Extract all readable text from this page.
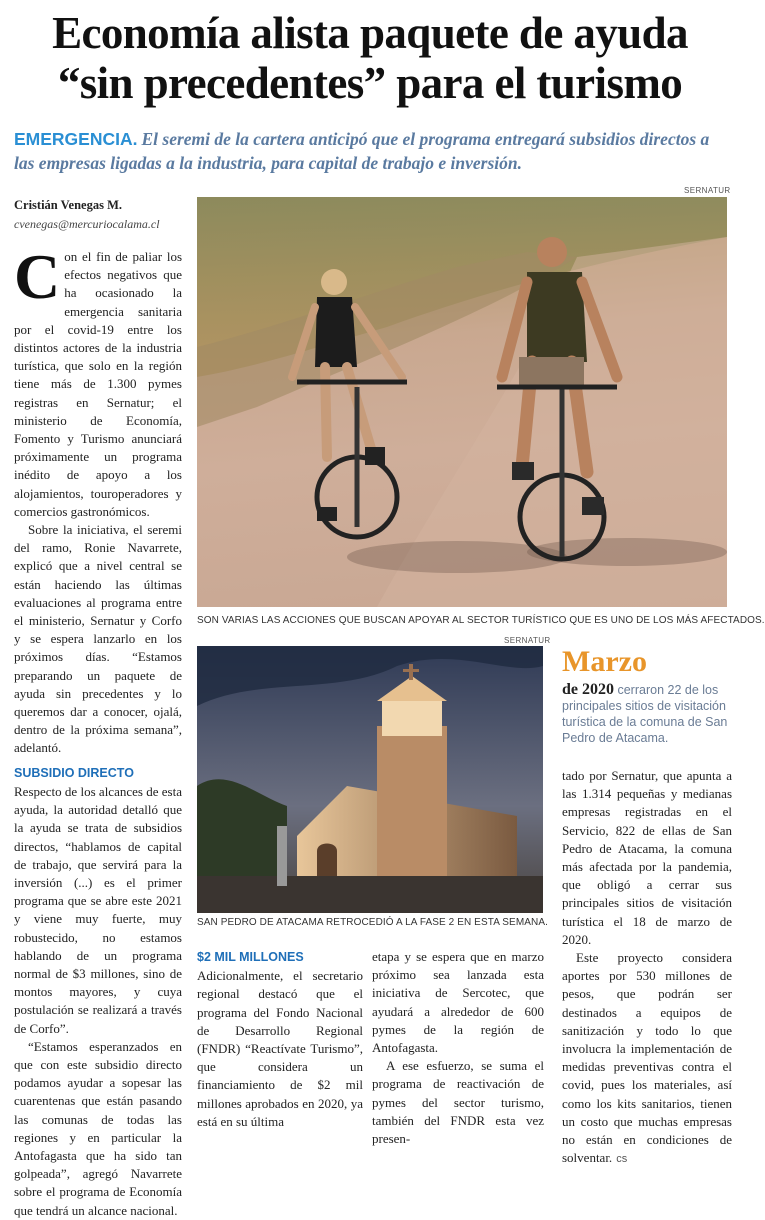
Economía alista paquete de ayuda “sin precedentes” para el turismo
EMERGENCIA. El seremi de la cartera anticipó que el programa entregará subsidios directos a las empresas ligadas a la industria, para capital de trabajo e inversión.
Cristián Venegas M.
cvenegas@mercuriocalama.cl

Con el fin de paliar los efectos negativos que ha ocasionado la emergencia sanitaria por el covid-19 entre los distintos actores de la industria turística, que solo en la región tiene más de 1.300 pymes registras en Sernatur; el ministerio de Economía, Fomento y Turismo anunciará próximamente un programa inédito de apoyo a los alojamientos, touroperadores y comercios gastronómicos.

Sobre la iniciativa, el seremi del ramo, Ronie Navarrete, explicó que a nivel central se están haciendo las últimas evaluaciones al programa entre el ministerio, Sernatur y Corfo y se espera lanzarlo en los próximos días. “Estamos preparando un paquete de ayuda sin precedentes y lo queremos dar a conocer, ojalá, dentro de la próxima semana”, adelantó.

SUBSIDIO DIRECTO
Respecto de los alcances de esta ayuda, la autoridad detalló que la ayuda se trata de subsidios directos, “hablamos de capital de trabajo, que servirá para la inversión (...) es el primer programa que se abre este 2021 y viene muy fuerte, muy robustecido, no estamos hablando de un programa normal de $3 millones, sino de montos mayores, y cuya postulación se realizará a través de Corfo”.

“Estamos esperanzados en que con este subsidio directo podamos ayudar a sopesar las cuarentenas que están pasando las comunas de todas las regiones y en particular la Antofagasta que ha sido tan golpeada”, agregó Navarrete sobre el programa de Economía que tendrá un alcance nacional.

SERNATUR
SON VARIAS LAS ACCIONES QUE BUSCAN APOYAR AL SECTOR TURÍSTICO QUE ES UNO DE LOS MÁS AFECTADOS.
SERNATUR
SAN PEDRO DE ATACAMA RETROCEDIÓ A LA FASE 2 EN ESTA SEMANA.
Marzo
de 2020 cerraron 22 de los principales sitios de visitación turística de la comuna de San Pedro de Atacama.
$2 MIL MILLONES
Adicionalmente, el secretario regional destacó que el programa del Fondo Nacional de Desarrollo Regional (FNDR) “Reactívate Turismo”, que considera un financiamiento de $2 mil millones aprobados en 2020, ya está en su última

etapa y se espera que en marzo próximo sea lanzada esta iniciativa de Sercotec, que ayudará a alrededor de 600 pymes de la región de Antofagasta.

A ese esfuerzo, se suma el programa de reactivación de pymes del sector turismo, también del FNDR esta vez presen-

tado por Sernatur, que apunta a las 1.314 pequeñas y medianas empresas registradas en el Servicio, 822 de ellas de San Pedro de Atacama, la comuna más afectada por la pandemia, que obligó a cerrar sus principales sitios de visitación turística el 18 de marzo de 2020.

Este proyecto considera aportes por 530 millones de pesos, que podrán ser destinados a equipos de sanitización y todo lo que involucra la implementación de medidas preventivas contra el covid, pues los materiales, así como los kits sanitarios, tienen un costo que muchas empresas no están en condiciones de solventar. cs
